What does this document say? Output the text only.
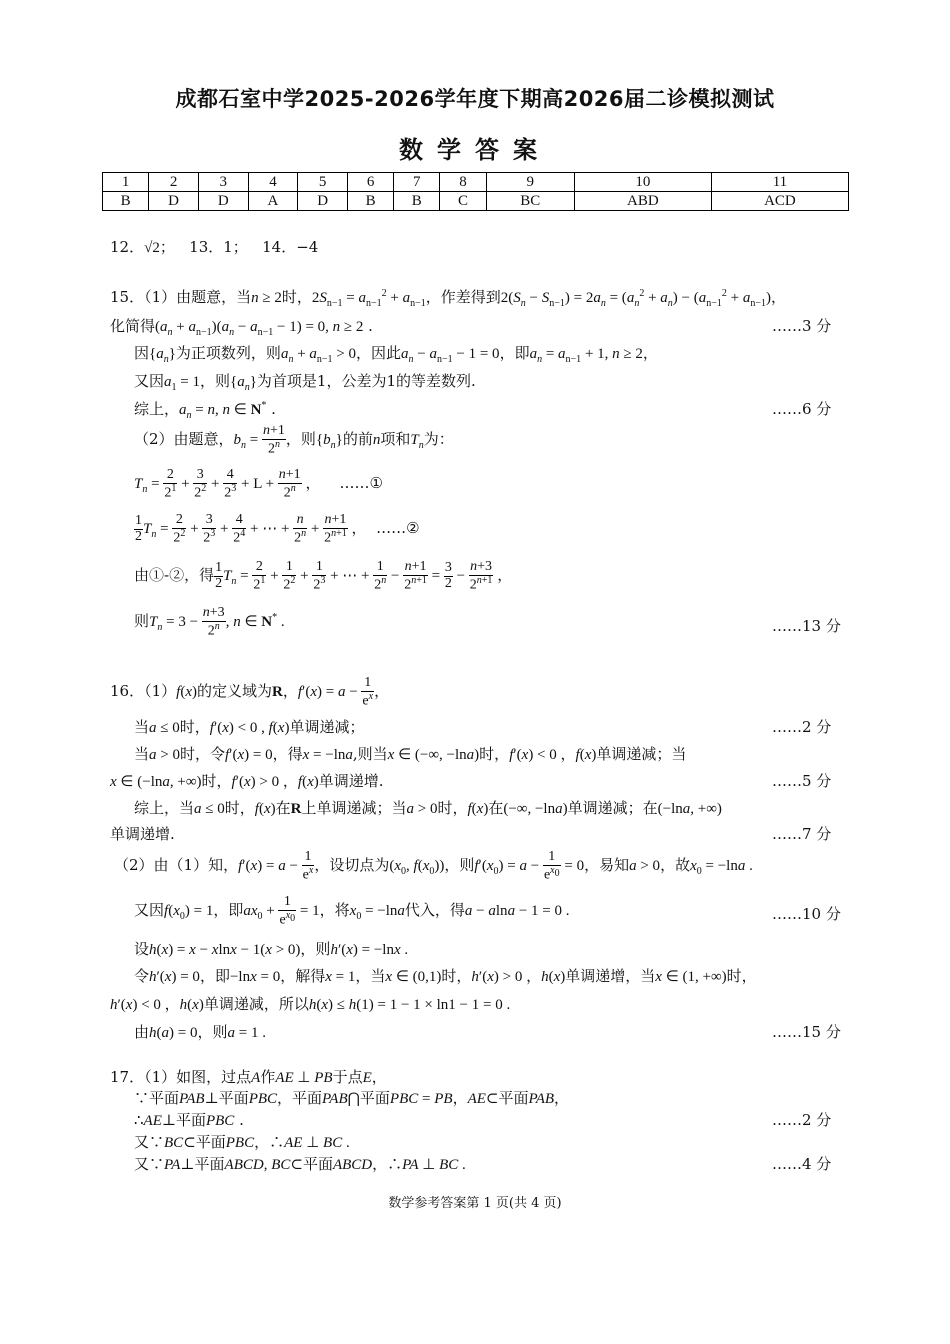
成都石室中学2025-2026学年度下期高2026届二诊模拟测试
数学答案
1	2	3	4	5	6	7	8	9	10	11
B	D	D	A	D	B	B	C	BC	ABD	ACD
12．√2； 13．1； 14．−4
15．（1）由题意，当n ≥ 2时，$2S_{n-1} = a_{n-1}^2 + a_{n-1}$，作差得到$2(S_n - S_{n-1}) = 2a_n = (a_n^2 + a_n) - (a_{n-1}^2 + a_{n-1})$，
化简得$(a_n + a_{n-1})(a_n - a_{n-1} - 1) = 0$, n ≥ 2 .	……3 分
因$\{a_n\}$为正项数列，则$a_n + a_{n-1} > 0$，因此$a_n - a_{n-1} - 1 = 0$，即$a_n = a_{n-1} + 1$, n ≥ 2，
又因$a_1 = 1$，则$\{a_n\}$为首项是1，公差为1的等差数列.
综上，$a_n = n$, n ∈ N* .	……6 分
（2）由题意，$b_n = \frac{n+1}{2^n}$ ，则$\{b_n\}$的前n项和$T_n$为：
$T_n = \frac{2}{2^1} + \frac{3}{2^2} + \frac{4}{2^3} + L + \frac{n+1}{2^n}$ ， ……①
$\frac{1}{2} T_n = \frac{2}{2^2} + \frac{3}{2^3} + \frac{4}{2^4}$ + ⋯ + $\frac{n}{2^n} + \frac{n+1}{2^{n+1}}$ ， ……②
由①-②，得 $\frac{1}{2} T_n = \frac{2}{2^1} + \frac{1}{2^2} + \frac{1}{2^3}$ + ⋯ + $\frac{1}{2^n} - \frac{n+1}{2^{n+1}} = \frac{3}{2} - \frac{n+3}{2^{n+1}}$ ，
则$T_n = 3 - \frac{n+3}{2^n}$ , n ∈ N* .	……13 分
16．（1）f(x)的定义域为R，$f'(x) = a - \frac{1}{e^x}$ ，
当a ≤ 0时，f′(x) < 0 , f(x)单调递减；	……2 分
当a > 0时，令f′(x) = 0，得x = −lna,则当x ∈ (−∞, −lna)时，f′(x) < 0 ，f(x)单调递减；当
x ∈ (−lna, +∞)时，f′(x) > 0 ，f(x)单调递增.	……5 分
综上，当a ≤ 0时，f(x)在R上单调递减；当a > 0时，f(x)在(−∞, −lna)单调递减；在(−lna, +∞)
单调递增.	……7 分
（2）由（1）知，$f'(x) = a - \frac{1}{e^x}$ ，设切点为($x_0$, $f(x_0)$)，则$f'(x_0) = a - \frac{1}{e^{x_0}} = 0$，易知a > 0，故$x_0 = -\ln a$ .
又因$f(x_0) = 1$，即$ax_0 + \frac{1}{e^{x_0}} = 1$，将$x_0 = -\ln a$代入，得a − alna − 1 = 0 .	……10 分
设h(x) = x − xlnx − 1(x > 0)，则h′(x) = −lnx .
令h′(x) = 0，即−lnx = 0，解得x = 1，当x ∈ (0,1)时，h′(x) > 0 ，h(x)单调递增，当x ∈ (1, +∞)时，
h′(x) < 0 ，h(x)单调递减，所以h(x) ≤ h(1) = 1 − 1 × ln1 − 1 = 0 .
由h(a) = 0，则a = 1 .	……15 分
17．（1）如图，过点A作AE ⊥ PB于点E，
∵平面PAB⊥平面PBC，平面PAB⋂平面PBC = PB，AE⊂平面PAB，
∴AE⊥平面PBC .	……2 分
又∵BC⊂平面PBC，∴AE ⊥ BC .
又∵PA⊥平面ABCD, BC⊂平面ABCD，∴PA ⊥ BC .	……4 分
数学参考答案第 1 页(共 4 页)
